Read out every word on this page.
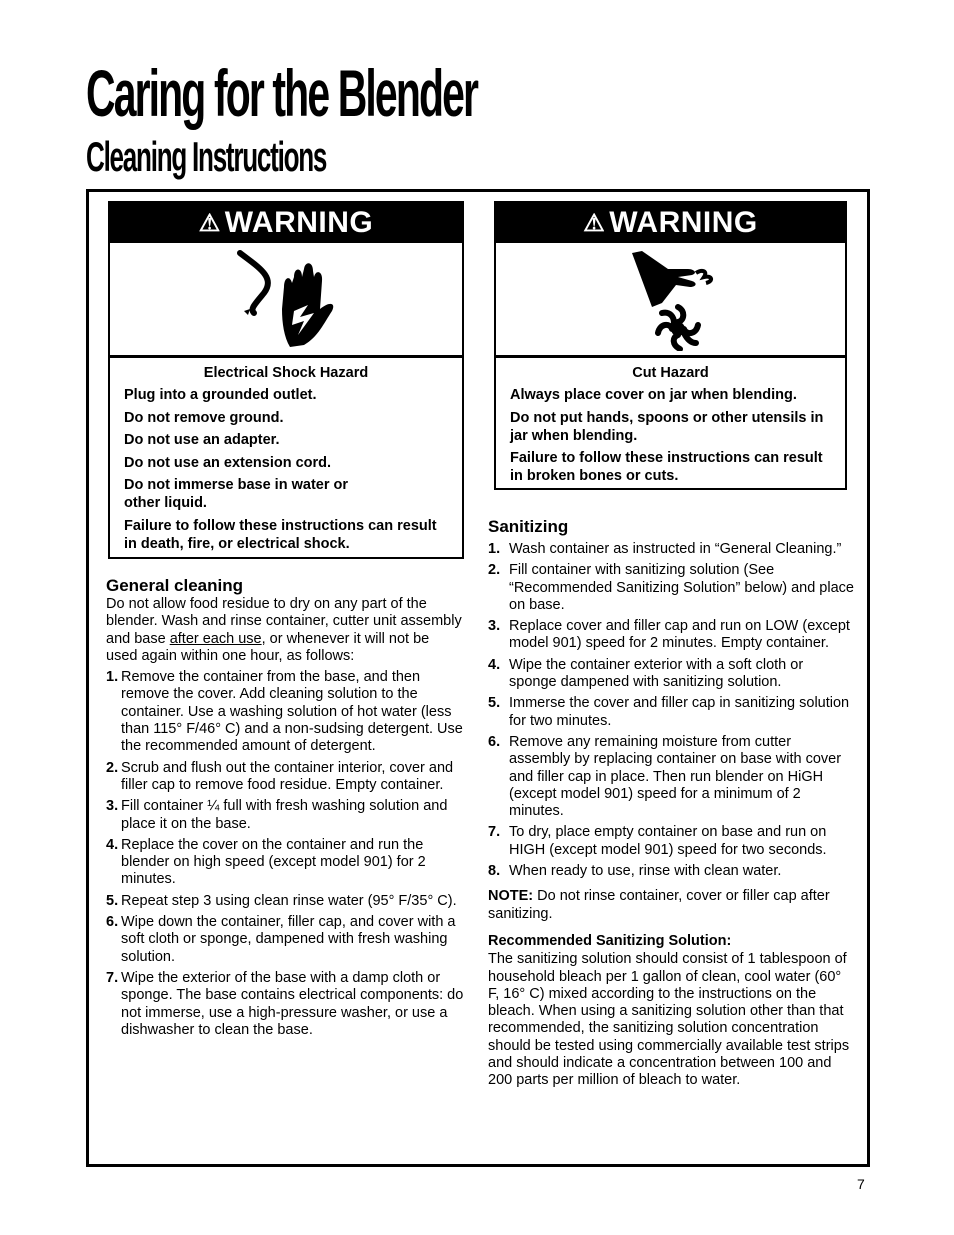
Caring for the Blender
Cleaning Instructions
⚠ WARNING

Electrical Shock Hazard

Plug into a grounded outlet.

Do not remove ground.

Do not use an adapter.

Do not use an extension cord.

Do not immerse base in water or other liquid.

Failure to follow these instructions can result in death, fire, or electrical shock.

⚠ WARNING

Cut Hazard

Always place cover on jar when blending.

Do not put hands, spoons or other utensils in jar when blending.

Failure to follow these instructions can result in broken bones or cuts.

General cleaning

Do not allow food residue to dry on any part of the blender. Wash and rinse container, cutter unit assembly and base after each use, or whenever it will not be used again within one hour, as follows:

1. Remove the container from the base, and then remove the cover. Add cleaning solution to the container. Use a washing solution of hot water (less than 115° F/46° C) and a non-sudsing detergent. Use the recommended amount of detergent.
2. Scrub and flush out the container interior, cover and filler cap to remove food residue. Empty container.
3. Fill container ¼ full with fresh washing solution and place it on the base.
4. Replace the cover on the container and run the blender on high speed (except model 901) for 2 minutes.
5. Repeat step 3 using clean rinse water (95° F/35° C).
6. Wipe down the container, filler cap, and cover with a soft cloth or sponge, dampened with fresh washing solution.
7. Wipe the exterior of the base with a damp cloth or sponge. The base contains electrical components: do not immerse, use a high-pressure washer, or use a dishwasher to clean the base.
Sanitizing
1. Wash container as instructed in “General Cleaning.”
2. Fill container with sanitizing solution (See “Recommended Sanitizing Solution” below) and place on base.
3. Replace cover and filler cap and run on LOW (except model 901) speed for 2 minutes. Empty container.
4. Wipe the container exterior with a soft cloth or sponge dampened with sanitizing solution.
5. Immerse the cover and filler cap in sanitizing solution for two minutes.
6. Remove any remaining moisture from cutter assembly by replacing container on base with cover and filler cap in place. Then run blender on HiGH (except model 901) speed for a minimum of 2 minutes.
7. To dry, place empty container on base and run on HIGH (except model 901) speed for two seconds.
8. When ready to use, rinse with clean water.

NOTE: Do not rinse container, cover or filler cap after sanitizing.

Recommended Sanitizing Solution:

The sanitizing solution should consist of 1 tablespoon of household bleach per 1 gallon of clean, cool water (60° F, 16° C) mixed according to the instructions on the bleach. When using a sanitizing solution other than that recommended, the sanitizing solution concentration should be tested using commercially available test strips and should indicate a concentration between 100 and 200 parts per million of bleach to water.

7
